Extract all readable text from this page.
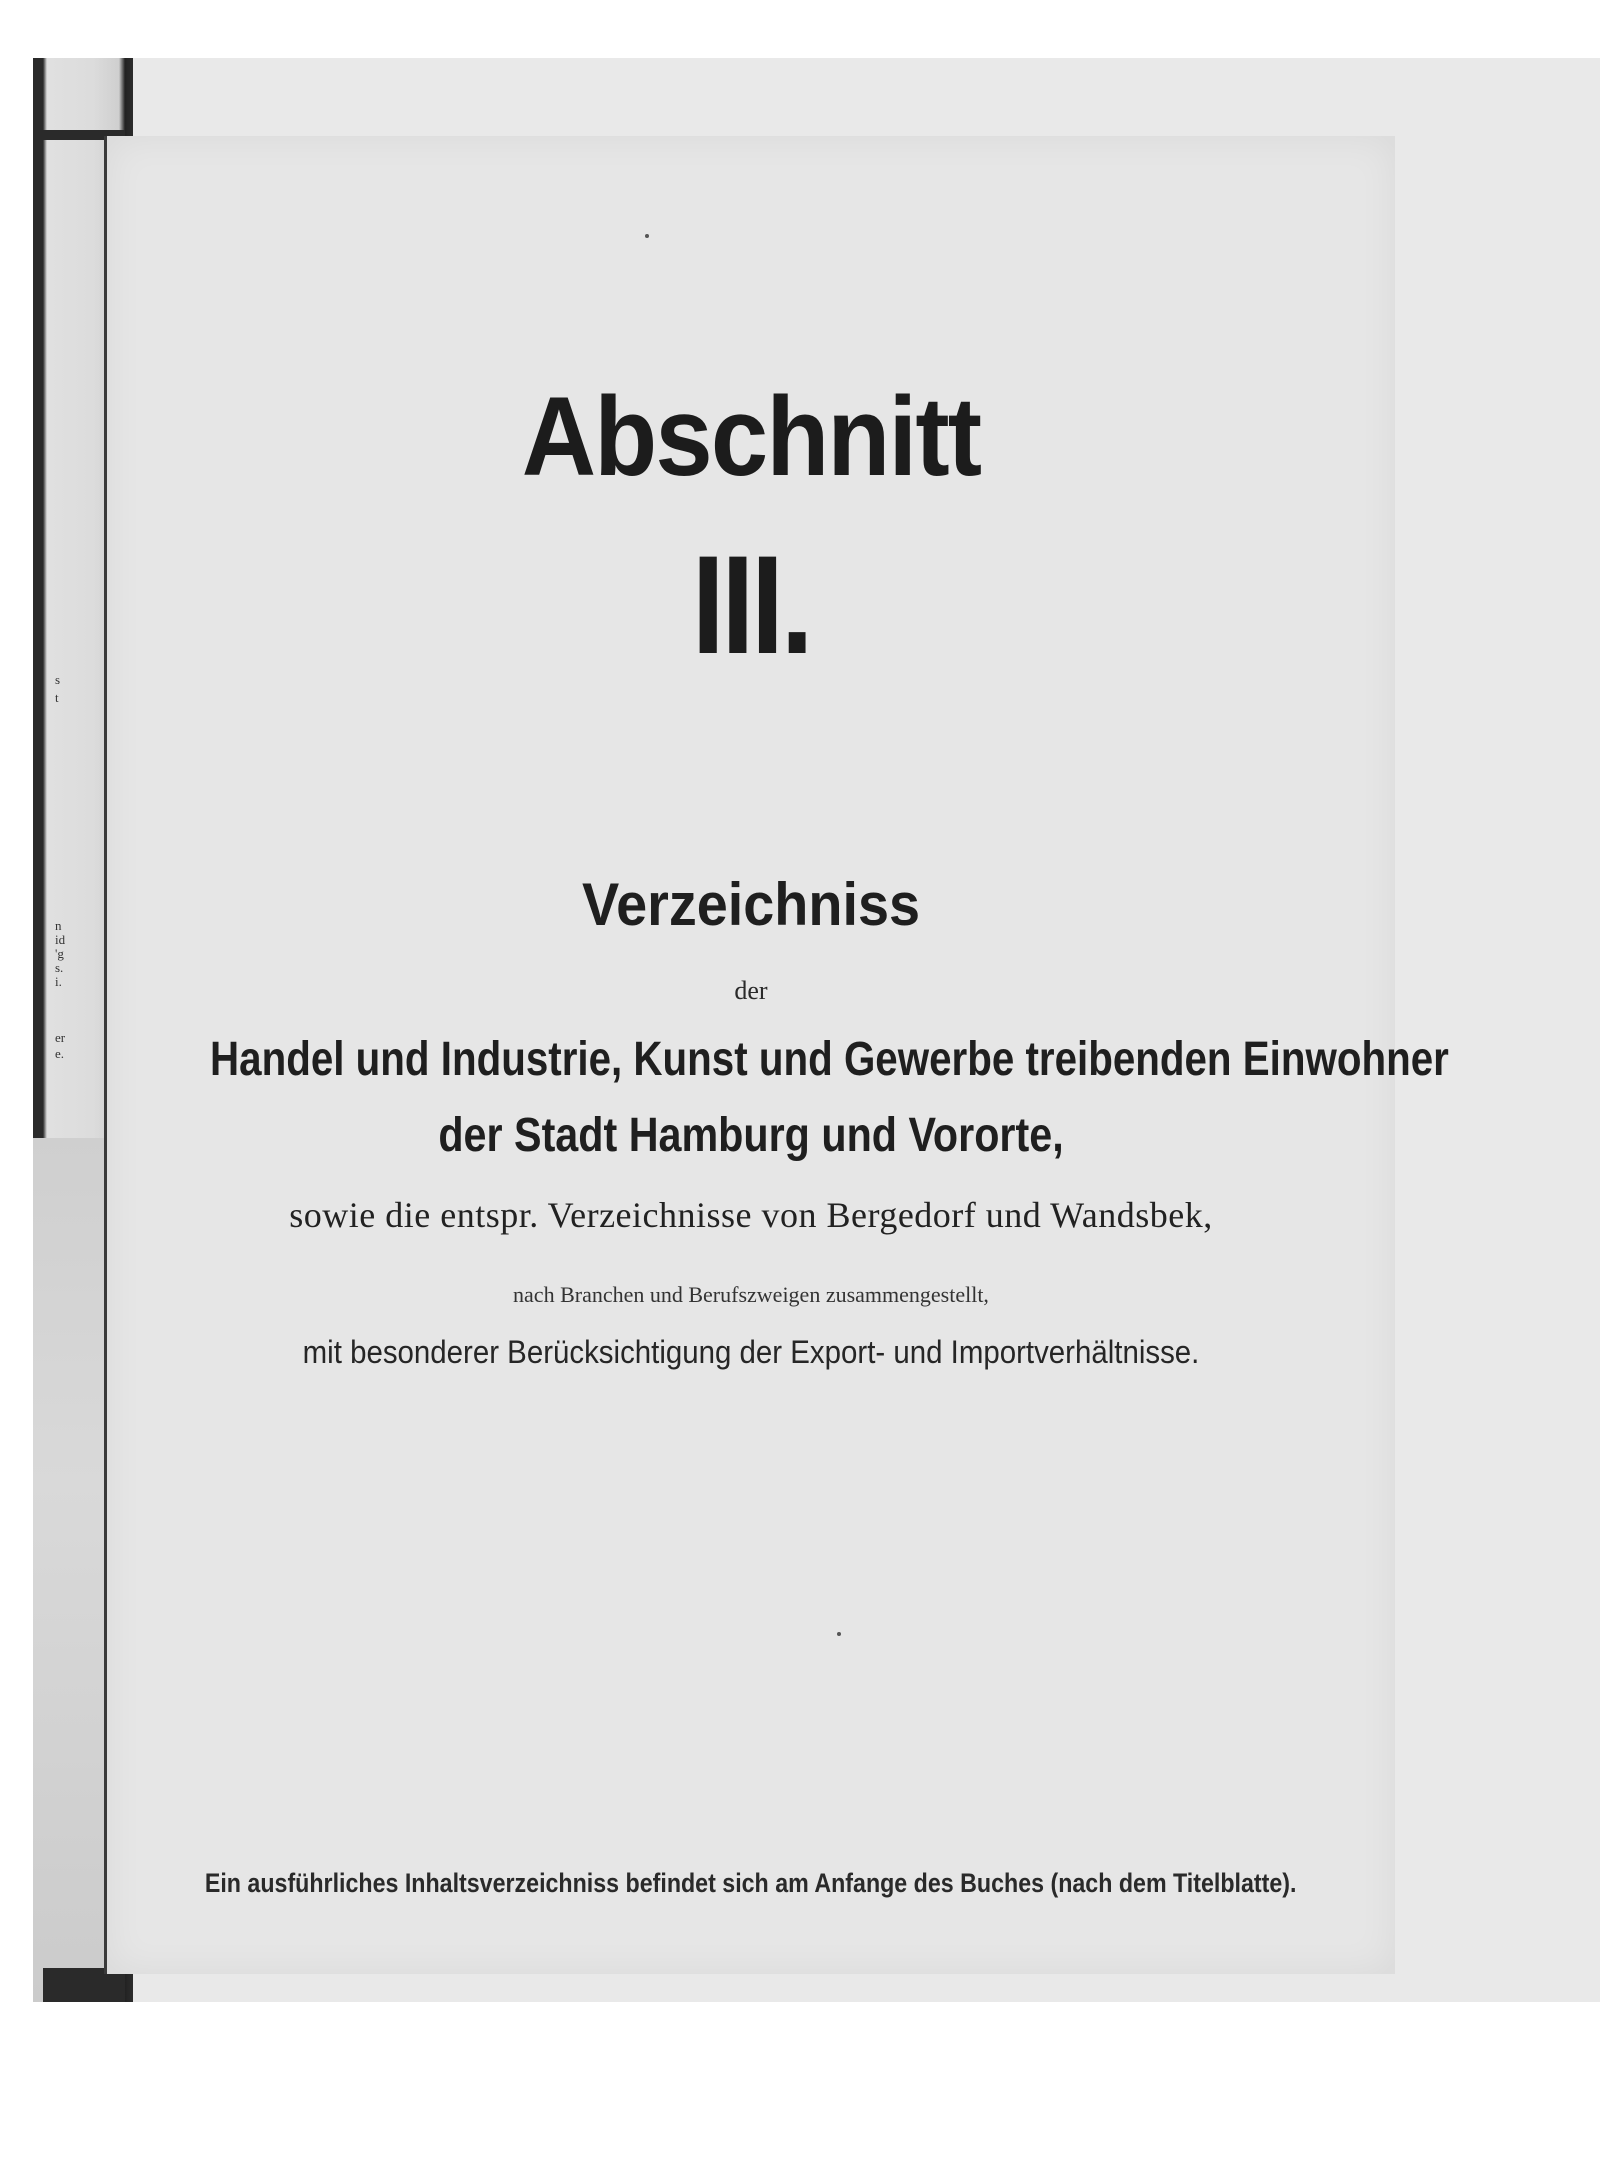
s
t
n
id
'g
s.
i.
er
e.
Abschnitt
III.
Verzeichniss
der
Handel und Industrie, Kunst und Gewerbe treibenden Einwohner
der Stadt Hamburg und Vororte,
sowie die entspr. Verzeichnisse von Bergedorf und Wandsbek,
nach Branchen und Berufszweigen zusammengestellt,
mit besonderer Berücksichtigung der Export- und Importverhältnisse.
Ein ausführliches Inhaltsverzeichniss befindet sich am Anfange des Buches (nach dem Titelblatte).
